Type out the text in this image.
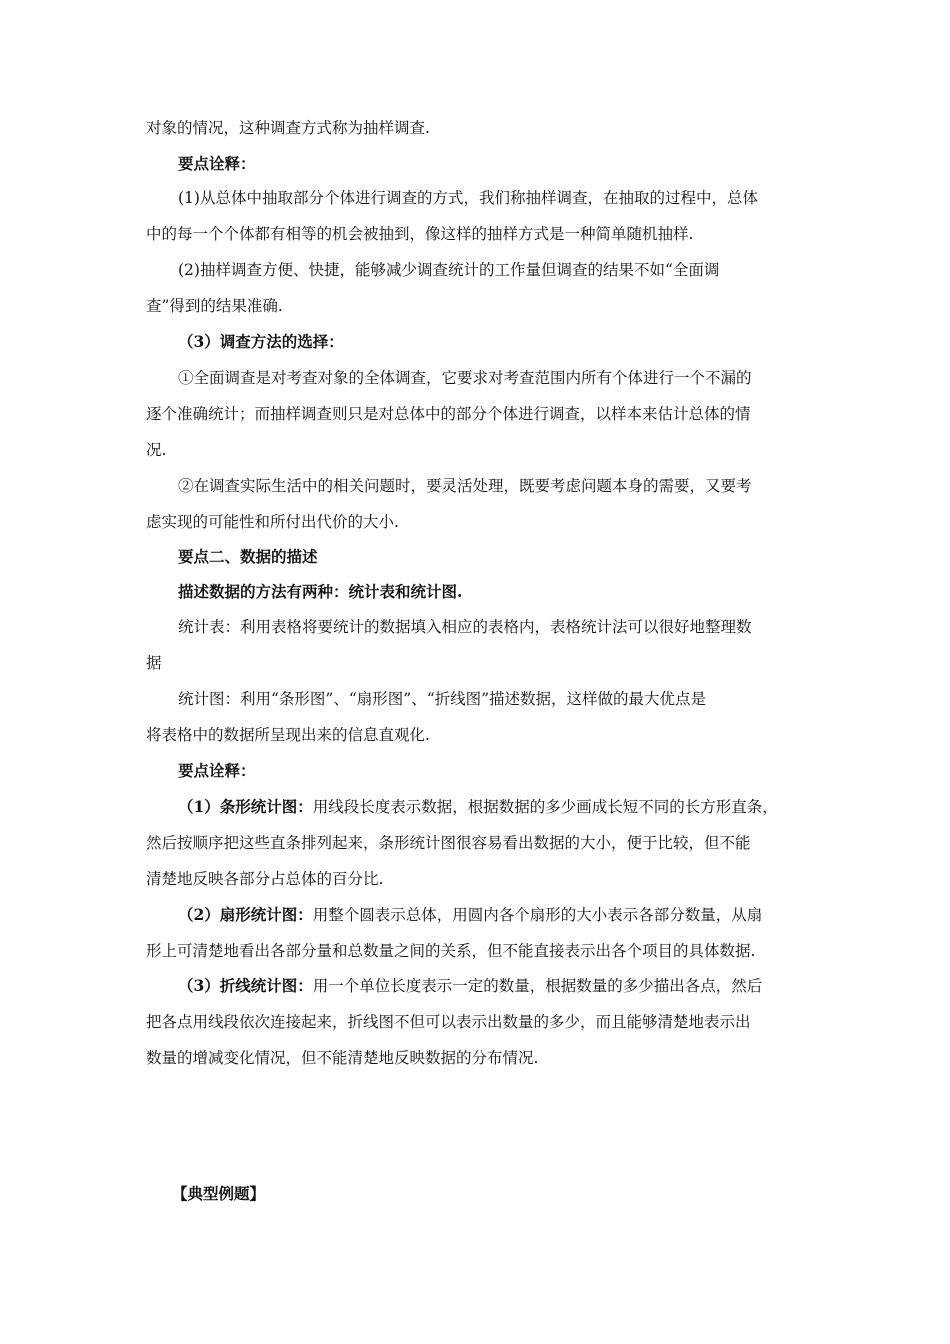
对象的情况，这种调查方式称为抽样调查.
要点诠释：
(1)从总体中抽取部分个体进行调查的方式，我们称抽样调查，在抽取的过程中，总体
中的每一个个体都有相等的机会被抽到，像这样的抽样方式是一种简单随机抽样.
(2)抽样调查方便、快捷，能够减少调查统计的工作量但调查的结果不如“全面调
查”得到的结果准确.
（3）调查方法的选择：
①全面调查是对考查对象的全体调查，它要求对考查范围内所有个体进行一个不漏的
逐个准确统计；而抽样调查则只是对总体中的部分个体进行调查，以样本来估计总体的情
况.
②在调查实际生活中的相关问题时，要灵活处理，既要考虑问题本身的需要，又要考
虑实现的可能性和所付出代价的大小.
要点二、数据的描述
描述数据的方法有两种：统计表和统计图.
统计表：利用表格将要统计的数据填入相应的表格内，表格统计法可以很好地整理数
据
统计图：利用“条形图”、“扇形图”、“折线图”描述数据，这样做的最大优点是
将表格中的数据所呈现出来的信息直观化.
要点诠释：
（1）条形统计图：用线段长度表示数据，根据数据的多少画成长短不同的长方形直条，
然后按顺序把这些直条排列起来，条形统计图很容易看出数据的大小，便于比较，但不能
清楚地反映各部分占总体的百分比.
（2）扇形统计图：用整个圆表示总体，用圆内各个扇形的大小表示各部分数量，从扇
形上可清楚地看出各部分量和总数量之间的关系，但不能直接表示出各个项目的具体数据.
（3）折线统计图：用一个单位长度表示一定的数量，根据数量的多少描出各点，然后
把各点用线段依次连接起来，折线图不但可以表示出数量的多少，而且能够清楚地表示出
数量的增减变化情况，但不能清楚地反映数据的分布情况.
【典型例题】
